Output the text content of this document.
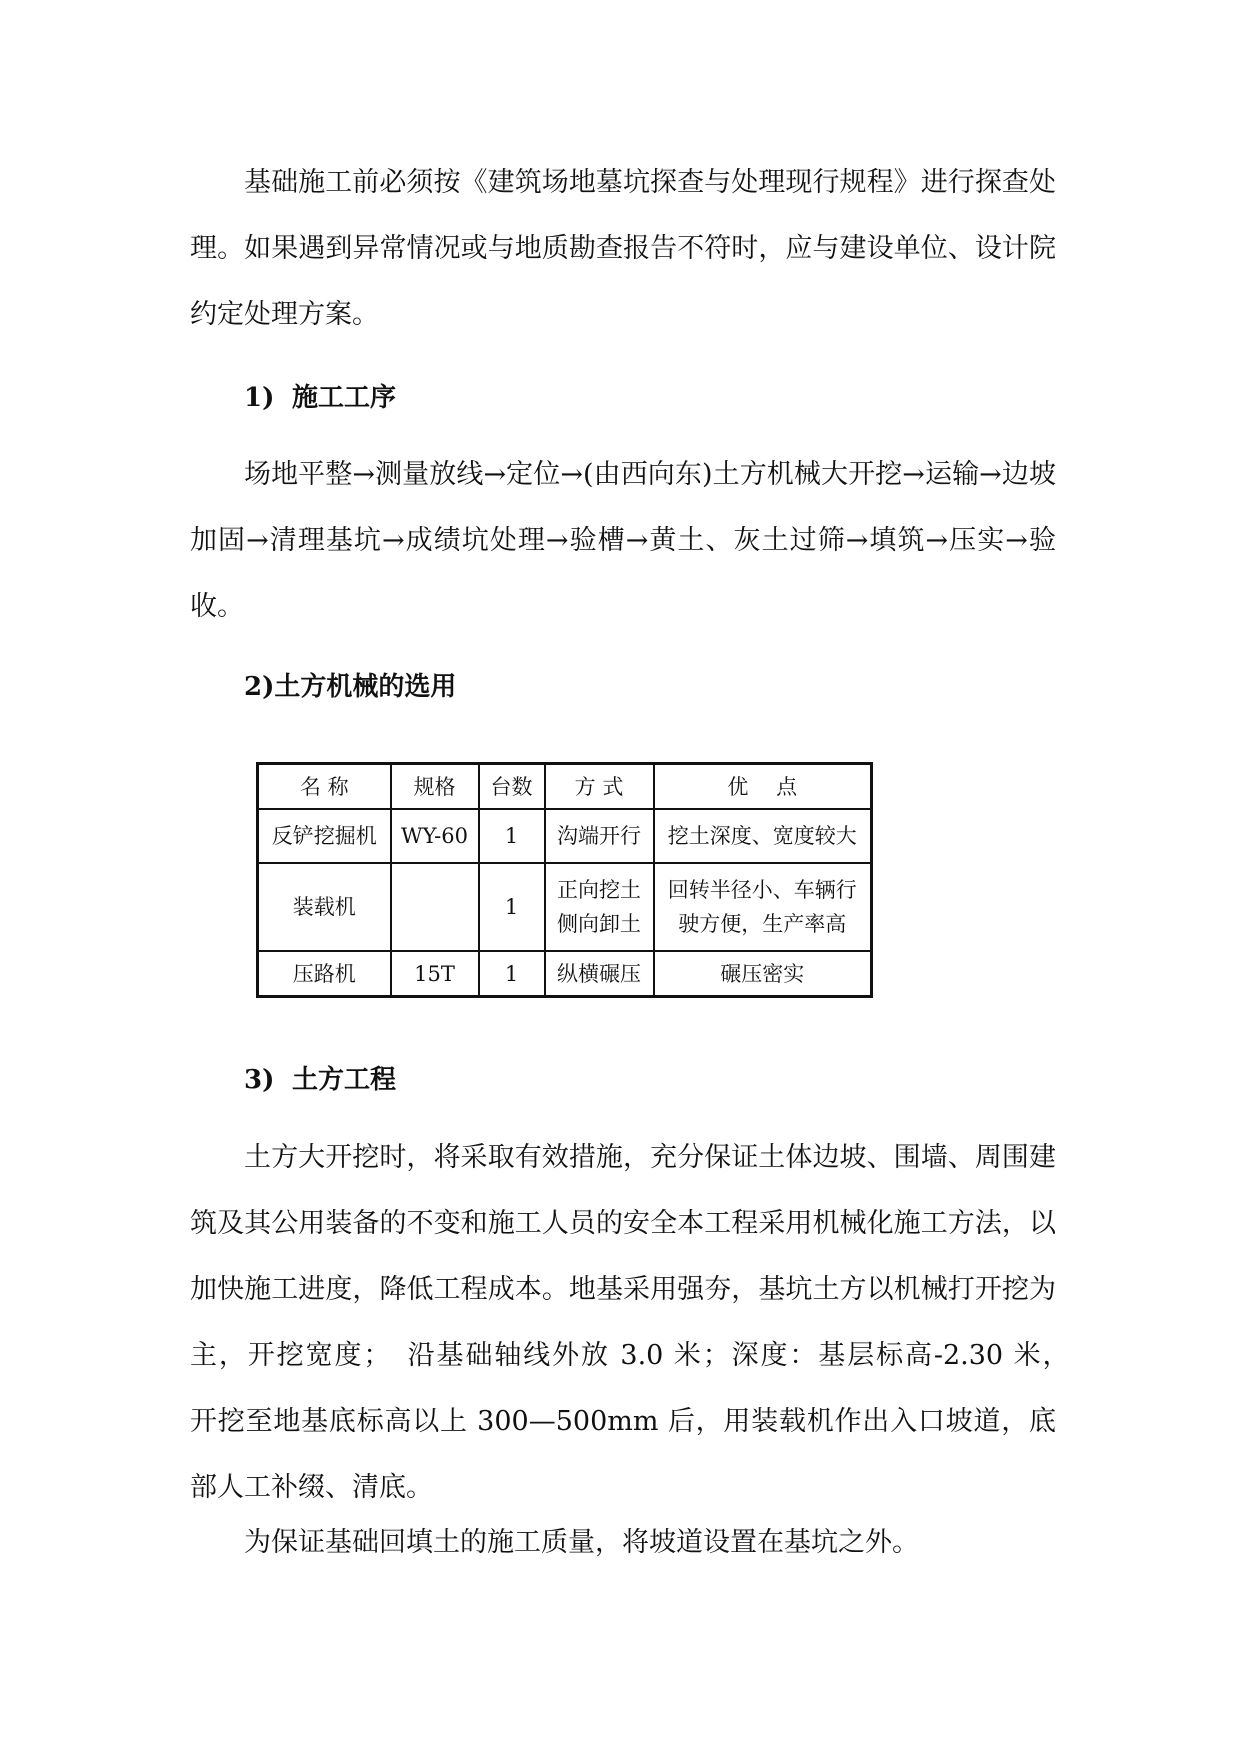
基础施工前必须按《建筑场地墓坑探查与处理现行规程》进行探查处理。如果遇到异常情况或与地质勘查报告不符时，应与建设单位、设计院约定处理方案。

1) 施工工序

场地平整→测量放线→定位→(由西向东)土方机械大开挖→运输→边坡加固→清理基坑→成绩坑处理→验槽→黄土、灰土过筛→填筑→压实→验收。

2)土方机械的选用
名 称	规格	台数	方 式	优　 点
反铲挖掘机	WY-60	1	沟端开行	挖土深度、宽度较大
装载机		1	正向挖土侧向卸土	回转半径小、车辆行驶方便，生产率高
压路机	15T	1	纵横碾压	碾压密实
3) 土方工程

土方大开挖时，将采取有效措施，充分保证土体边坡、围墙、周围建筑及其公用装备的不变和施工人员的安全本工程采用机械化施工方法，以加快施工进度，降低工程成本。地基采用强夯，基坑土方以机械打开挖为主，开挖宽度；　沿基础轴线外放 3.0 米；深度：基层标高-2.30 米，　开挖至地基底标高以上 300—500mm 后，用装载机作出入口坡道，底部人工补缀、清底。

为保证基础回填土的施工质量，将坡道设置在基坑之外。
